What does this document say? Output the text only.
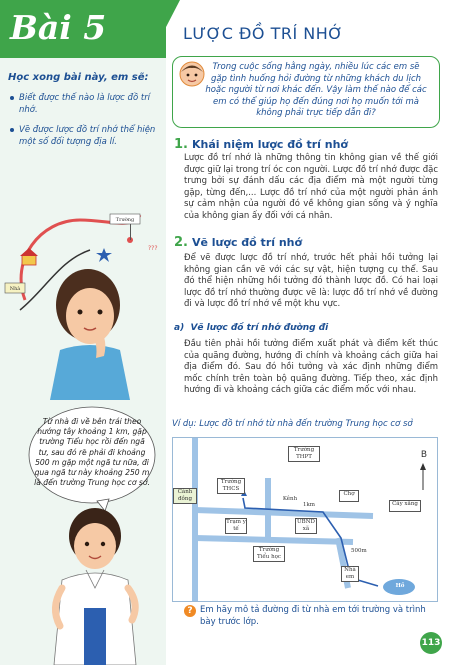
Bài 5
Học xong bài này, em sẽ:
Biết được thế nào là lược đồ trí nhớ.
Vẽ được lược đồ trí nhớ thể hiện một số đối tượng địa lí.
Trường
???
Nhà
Từ nhà đi về bên trái theo hướng tây khoảng 1 km, gặp trường Tiểu học rồi đến ngã tư, sau đó rẽ phải đi khoảng 500 m gặp một ngã tư nữa, đi qua ngã tư này khoảng 250 m là đến trường Trung học cơ sở.
LƯỢC ĐỒ TRÍ NHỚ
Trong cuộc sống hằng ngày, nhiều lúc các em sẽ gặp tình huống hỏi đường từ những khách du lịch hoặc người từ nơi khác đến. Vậy làm thế nào để các em có thể giúp họ đến đúng nơi họ muốn tới mà không phải trực tiếp dẫn đi?
1. Khái niệm lược đồ trí nhớ
Lược đồ trí nhớ là những thông tin không gian về thế giới được giữ lại trong trí óc con người. Lược đồ trí nhớ được đặc trưng bởi sự đánh dấu các địa điểm mà một người từng gặp, từng đến,... Lược đồ trí nhớ của một người phản ánh sự cảm nhận của người đó về không gian sống và ý nghĩa của không gian ấy đối với cá nhân.
2. Vẽ lược đồ trí nhớ
Để vẽ được lược đồ trí nhớ, trước hết phải hồi tưởng lại không gian cần vẽ với các sự vật, hiện tượng cụ thể. Sau đó thể hiện những hồi tưởng đó thành lược đồ. Có hai loại lược đồ trí nhớ thường được vẽ là: lược đồ trí nhớ về đường đi và lược đồ trí nhớ về một khu vực.
a) Vẽ lược đồ trí nhớ đường đi
Đầu tiên phải hồi tưởng điểm xuất phát và điểm kết thúc của quãng đường, hướng đi chính và khoảng cách giữa hai địa điểm đó. Sau đó hồi tưởng và xác định những điểm mốc chính trên toàn bộ quãng đường. Tiếp theo, xác định hướng đi và khoảng cách giữa các điểm mốc với nhau.
Ví dụ: Lược đồ trí nhớ từ nhà đến trường Trung học cơ sở
Trường THPT
Trường THCS
Cánh đồng	Kênh
1km
Chợ
Cây xăng
Trạm y tế
UBND xã
Trường Tiểu học
500m
Nhà em
Hồ
B
? Em hãy mô tả đường đi từ nhà em tới trường và trình bày trước lớp.
113
